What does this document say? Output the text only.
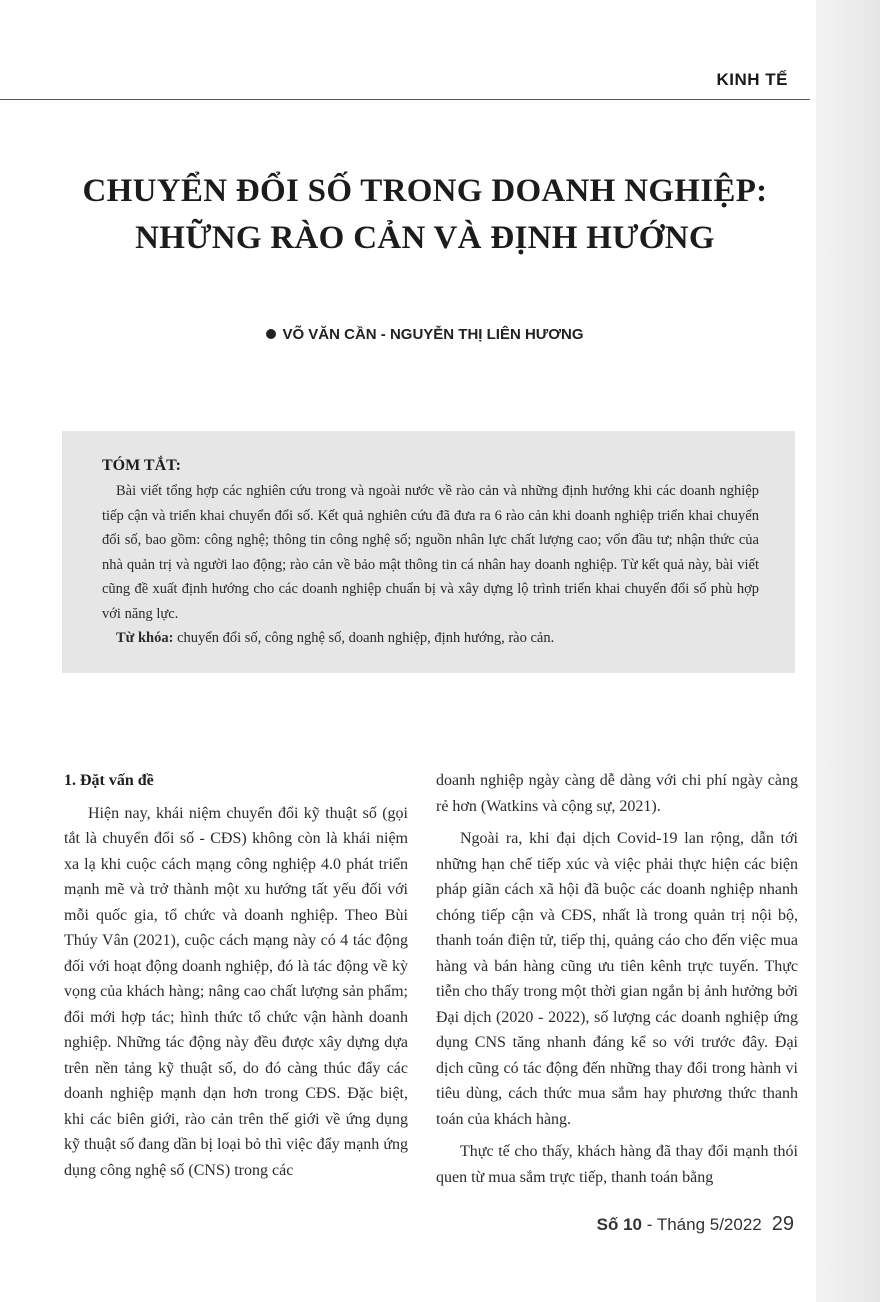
KINH TẾ
CHUYỂN ĐỔI SỐ TRONG DOANH NGHIỆP:
NHỮNG RÀO CẢN VÀ ĐỊNH HƯỚNG
VÕ VĂN CẦN - NGUYỄN THỊ LIÊN HƯƠNG
TÓM TẮT:

Bài viết tổng hợp các nghiên cứu trong và ngoài nước về rào cản và những định hướng khi các doanh nghiệp tiếp cận và triển khai chuyển đổi số. Kết quả nghiên cứu đã đưa ra 6 rào cản khi doanh nghiệp triển khai chuyển đổi số, bao gồm: công nghệ; thông tin công nghệ số; nguồn nhân lực chất lượng cao; vốn đầu tư; nhận thức của nhà quản trị và người lao động; rào cản về bảo mật thông tin cá nhân hay doanh nghiệp. Từ kết quả này, bài viết cũng đề xuất định hướng cho các doanh nghiệp chuẩn bị và xây dựng lộ trình triển khai chuyển đổi số phù hợp với năng lực.

Từ khóa: chuyển đổi số, công nghệ số, doanh nghiệp, định hướng, rào cản.

1. Đặt vấn đề

Hiện nay, khái niệm chuyển đổi kỹ thuật số (gọi tắt là chuyển đổi số - CĐS) không còn là khái niệm xa lạ khi cuộc cách mạng công nghiệp 4.0 phát triển mạnh mẽ và trở thành một xu hướng tất yếu đối với mỗi quốc gia, tổ chức và doanh nghiệp. Theo Bùi Thúy Vân (2021), cuộc cách mạng này có 4 tác động đối với hoạt động doanh nghiệp, đó là tác động về kỳ vọng của khách hàng; nâng cao chất lượng sản phẩm; đổi mới hợp tác; hình thức tổ chức vận hành doanh nghiệp. Những tác động này đều được xây dựng dựa trên nền tảng kỹ thuật số, do đó càng thúc đẩy các doanh nghiệp mạnh dạn hơn trong CĐS. Đặc biệt, khi các biên giới, rào cản trên thế giới về ứng dụng kỹ thuật số đang dần bị loại bỏ thì việc đẩy mạnh ứng dụng công nghệ số (CNS) trong các

doanh nghiệp ngày càng dễ dàng với chi phí ngày càng rẻ hơn (Watkins và cộng sự, 2021).

Ngoài ra, khi đại dịch Covid-19 lan rộng, dẫn tới những hạn chế tiếp xúc và việc phải thực hiện các biện pháp giãn cách xã hội đã buộc các doanh nghiệp nhanh chóng tiếp cận và CĐS, nhất là trong quản trị nội bộ, thanh toán điện tử, tiếp thị, quảng cáo cho đến việc mua hàng và bán hàng cũng ưu tiên kênh trực tuyến. Thực tiễn cho thấy trong một thời gian ngắn bị ảnh hưởng bởi Đại dịch (2020 - 2022), số lượng các doanh nghiệp ứng dụng CNS tăng nhanh đáng kể so với trước đây. Đại dịch cũng có tác động đến những thay đổi trong hành vi tiêu dùng, cách thức mua sắm hay phương thức thanh toán của khách hàng.

Thực tế cho thấy, khách hàng đã thay đổi mạnh thói quen từ mua sắm trực tiếp, thanh toán bằng

Số 10 - Tháng 5/2022 29
